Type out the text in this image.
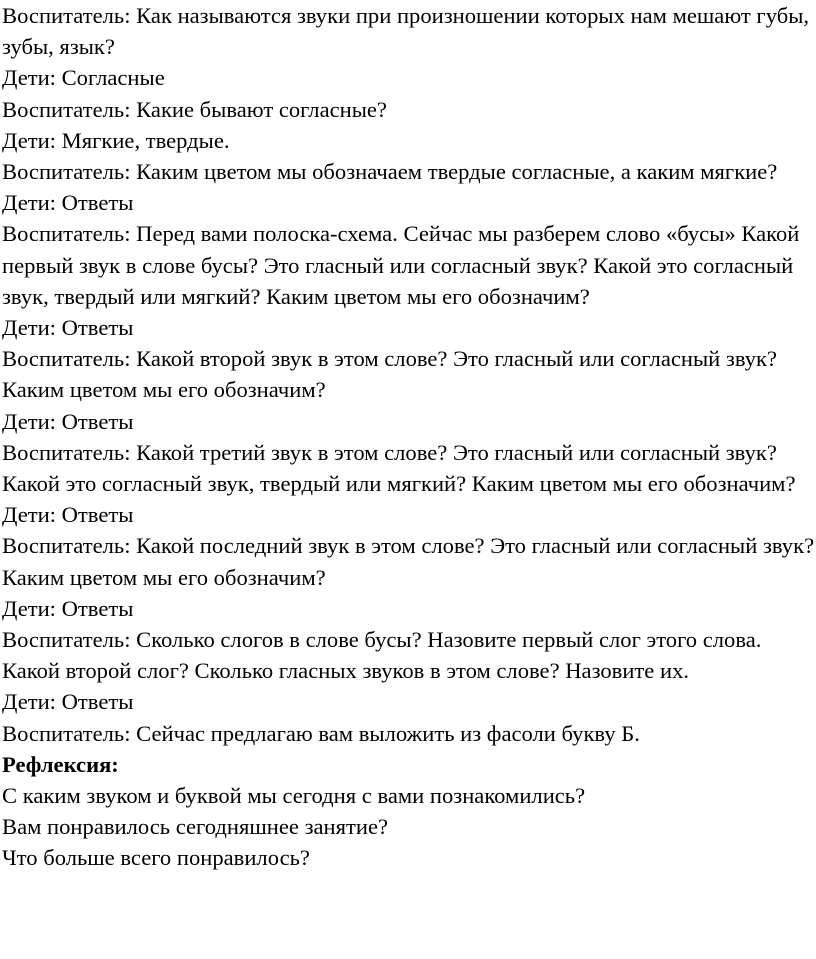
Воспитатель: Как называются звуки при произношении которых нам мешают губы, зубы, язык?

Дети: Согласные

Воспитатель: Какие бывают согласные?

Дети: Мягкие, твердые.

Воспитатель: Каким цветом мы обозначаем твердые согласные, а каким мягкие?

Дети: Ответы

Воспитатель: Перед вами полоска-схема. Сейчас мы разберем слово «бусы» Какой первый звук в слове бусы? Это гласный или согласный звук? Какой это согласный звук, твердый или мягкий? Каким цветом мы его обозначим?

Дети: Ответы

Воспитатель: Какой второй звук в этом слове? Это гласный или согласный звук? Каким цветом мы его обозначим?

Дети: Ответы

Воспитатель: Какой третий звук в этом слове? Это гласный или согласный звук? Какой это согласный звук, твердый или мягкий? Каким цветом мы его обозначим?

Дети: Ответы

Воспитатель: Какой последний звук в этом слове? Это гласный или согласный звук? Каким цветом мы его обозначим?

Дети: Ответы

Воспитатель: Сколько слогов в слове бусы? Назовите первый слог этого слова. Какой второй слог? Сколько гласных звуков в этом слове? Назовите их.

Дети: Ответы

Воспитатель: Сейчас предлагаю вам выложить из фасоли букву Б.

Рефлексия:

С каким звуком и буквой мы сегодня с вами познакомились?

Вам понравилось сегодняшнее занятие?

Что больше всего понравилось?
